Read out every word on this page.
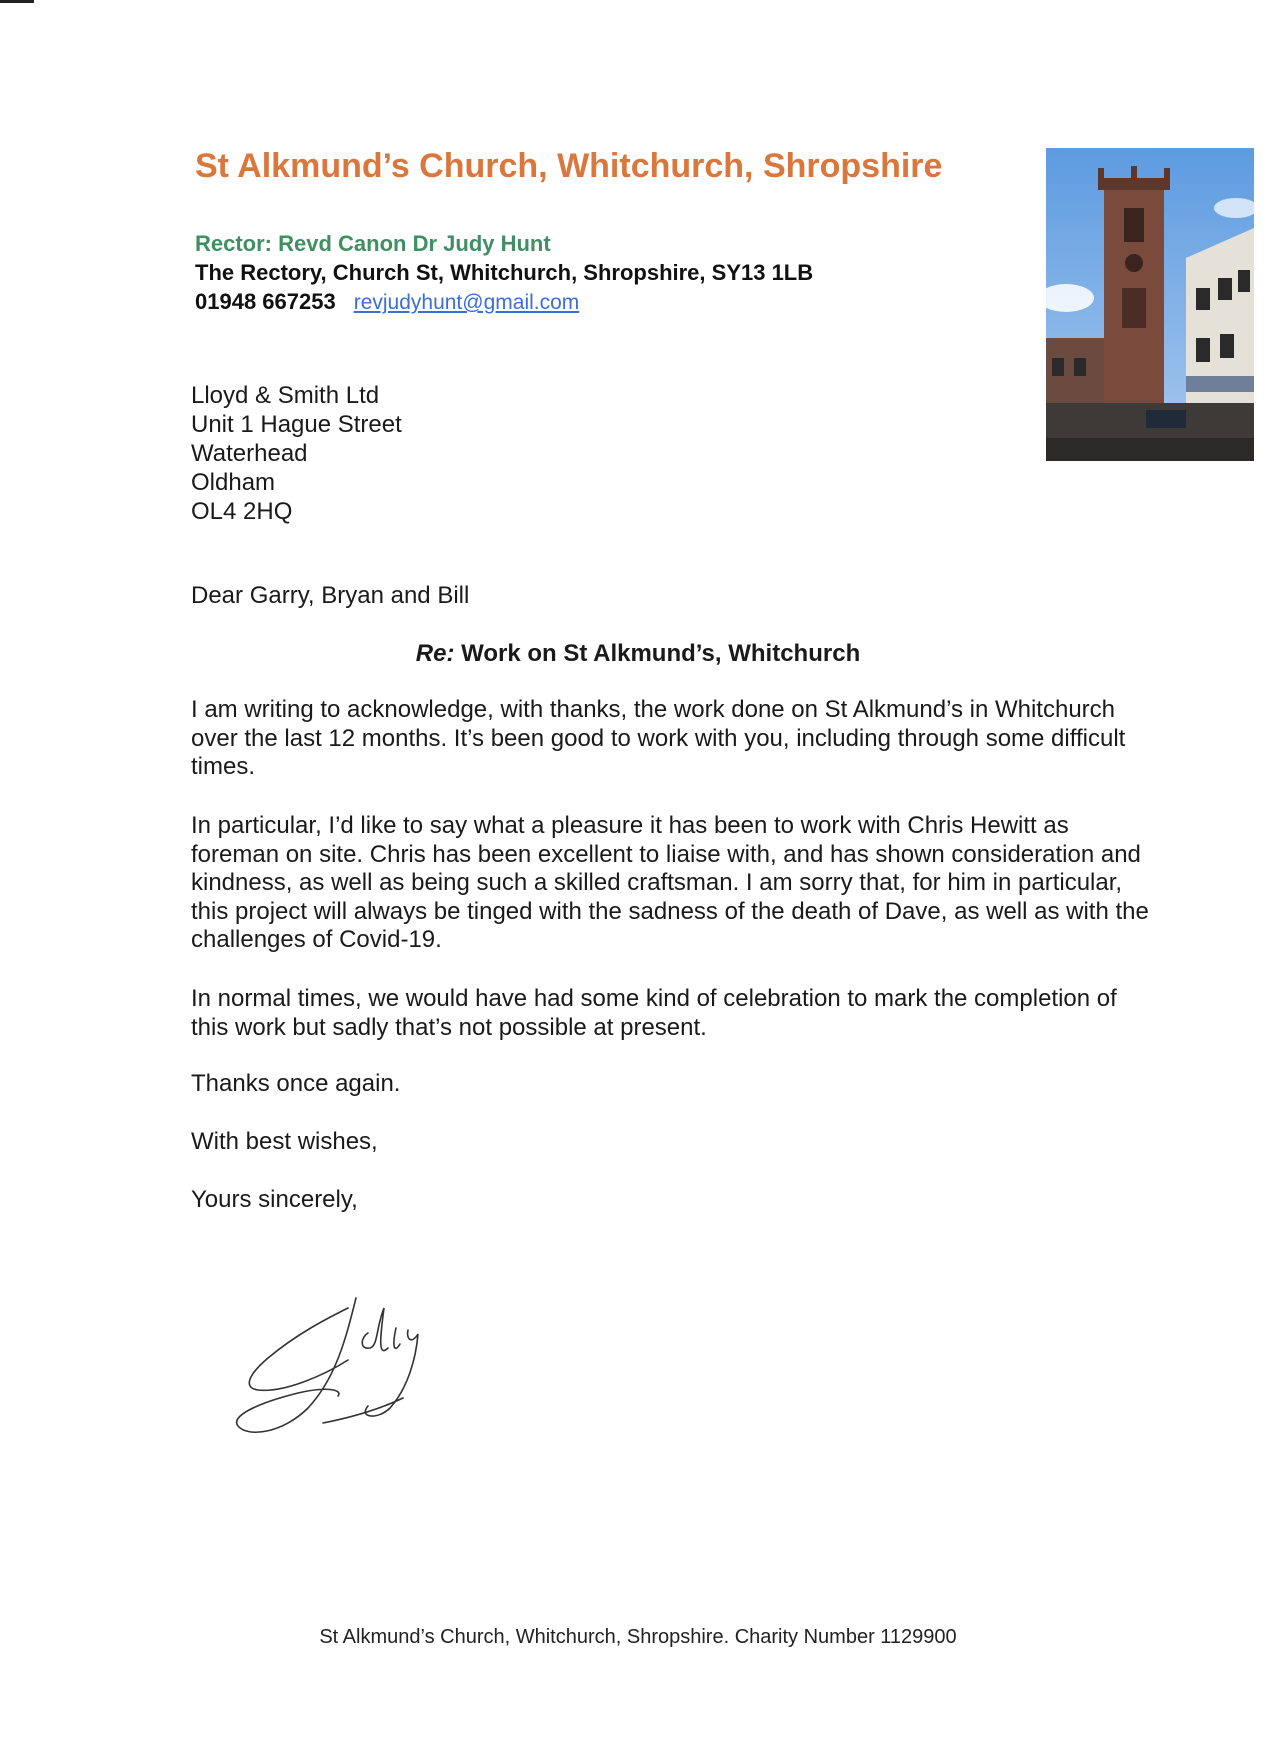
St Alkmund’s Church, Whitchurch, Shropshire
Rector: Revd Canon Dr Judy Hunt
The Rectory, Church St, Whitchurch, Shropshire, SY13 1LB
01948 667253 revjudyhunt@gmail.com
Lloyd & Smith Ltd
Unit 1 Hague Street
Waterhead
Oldham
OL4 2HQ
Dear Garry, Bryan and Bill
Re: Work on St Alkmund’s, Whitchurch
I am writing to acknowledge, with thanks, the work done on St Alkmund’s in Whitchurch over the last 12 months. It’s been good to work with you, including through some difficult times.
In particular, I’d like to say what a pleasure it has been to work with Chris Hewitt as foreman on site. Chris has been excellent to liaise with, and has shown consideration and kindness, as well as being such a skilled craftsman. I am sorry that, for him in particular, this project will always be tinged with the sadness of the death of Dave, as well as with the challenges of Covid-19.
In normal times, we would have had some kind of celebration to mark the completion of this work but sadly that’s not possible at present.
Thanks once again.
With best wishes,
Yours sincerely,
St Alkmund’s Church, Whitchurch, Shropshire. Charity Number 1129900
